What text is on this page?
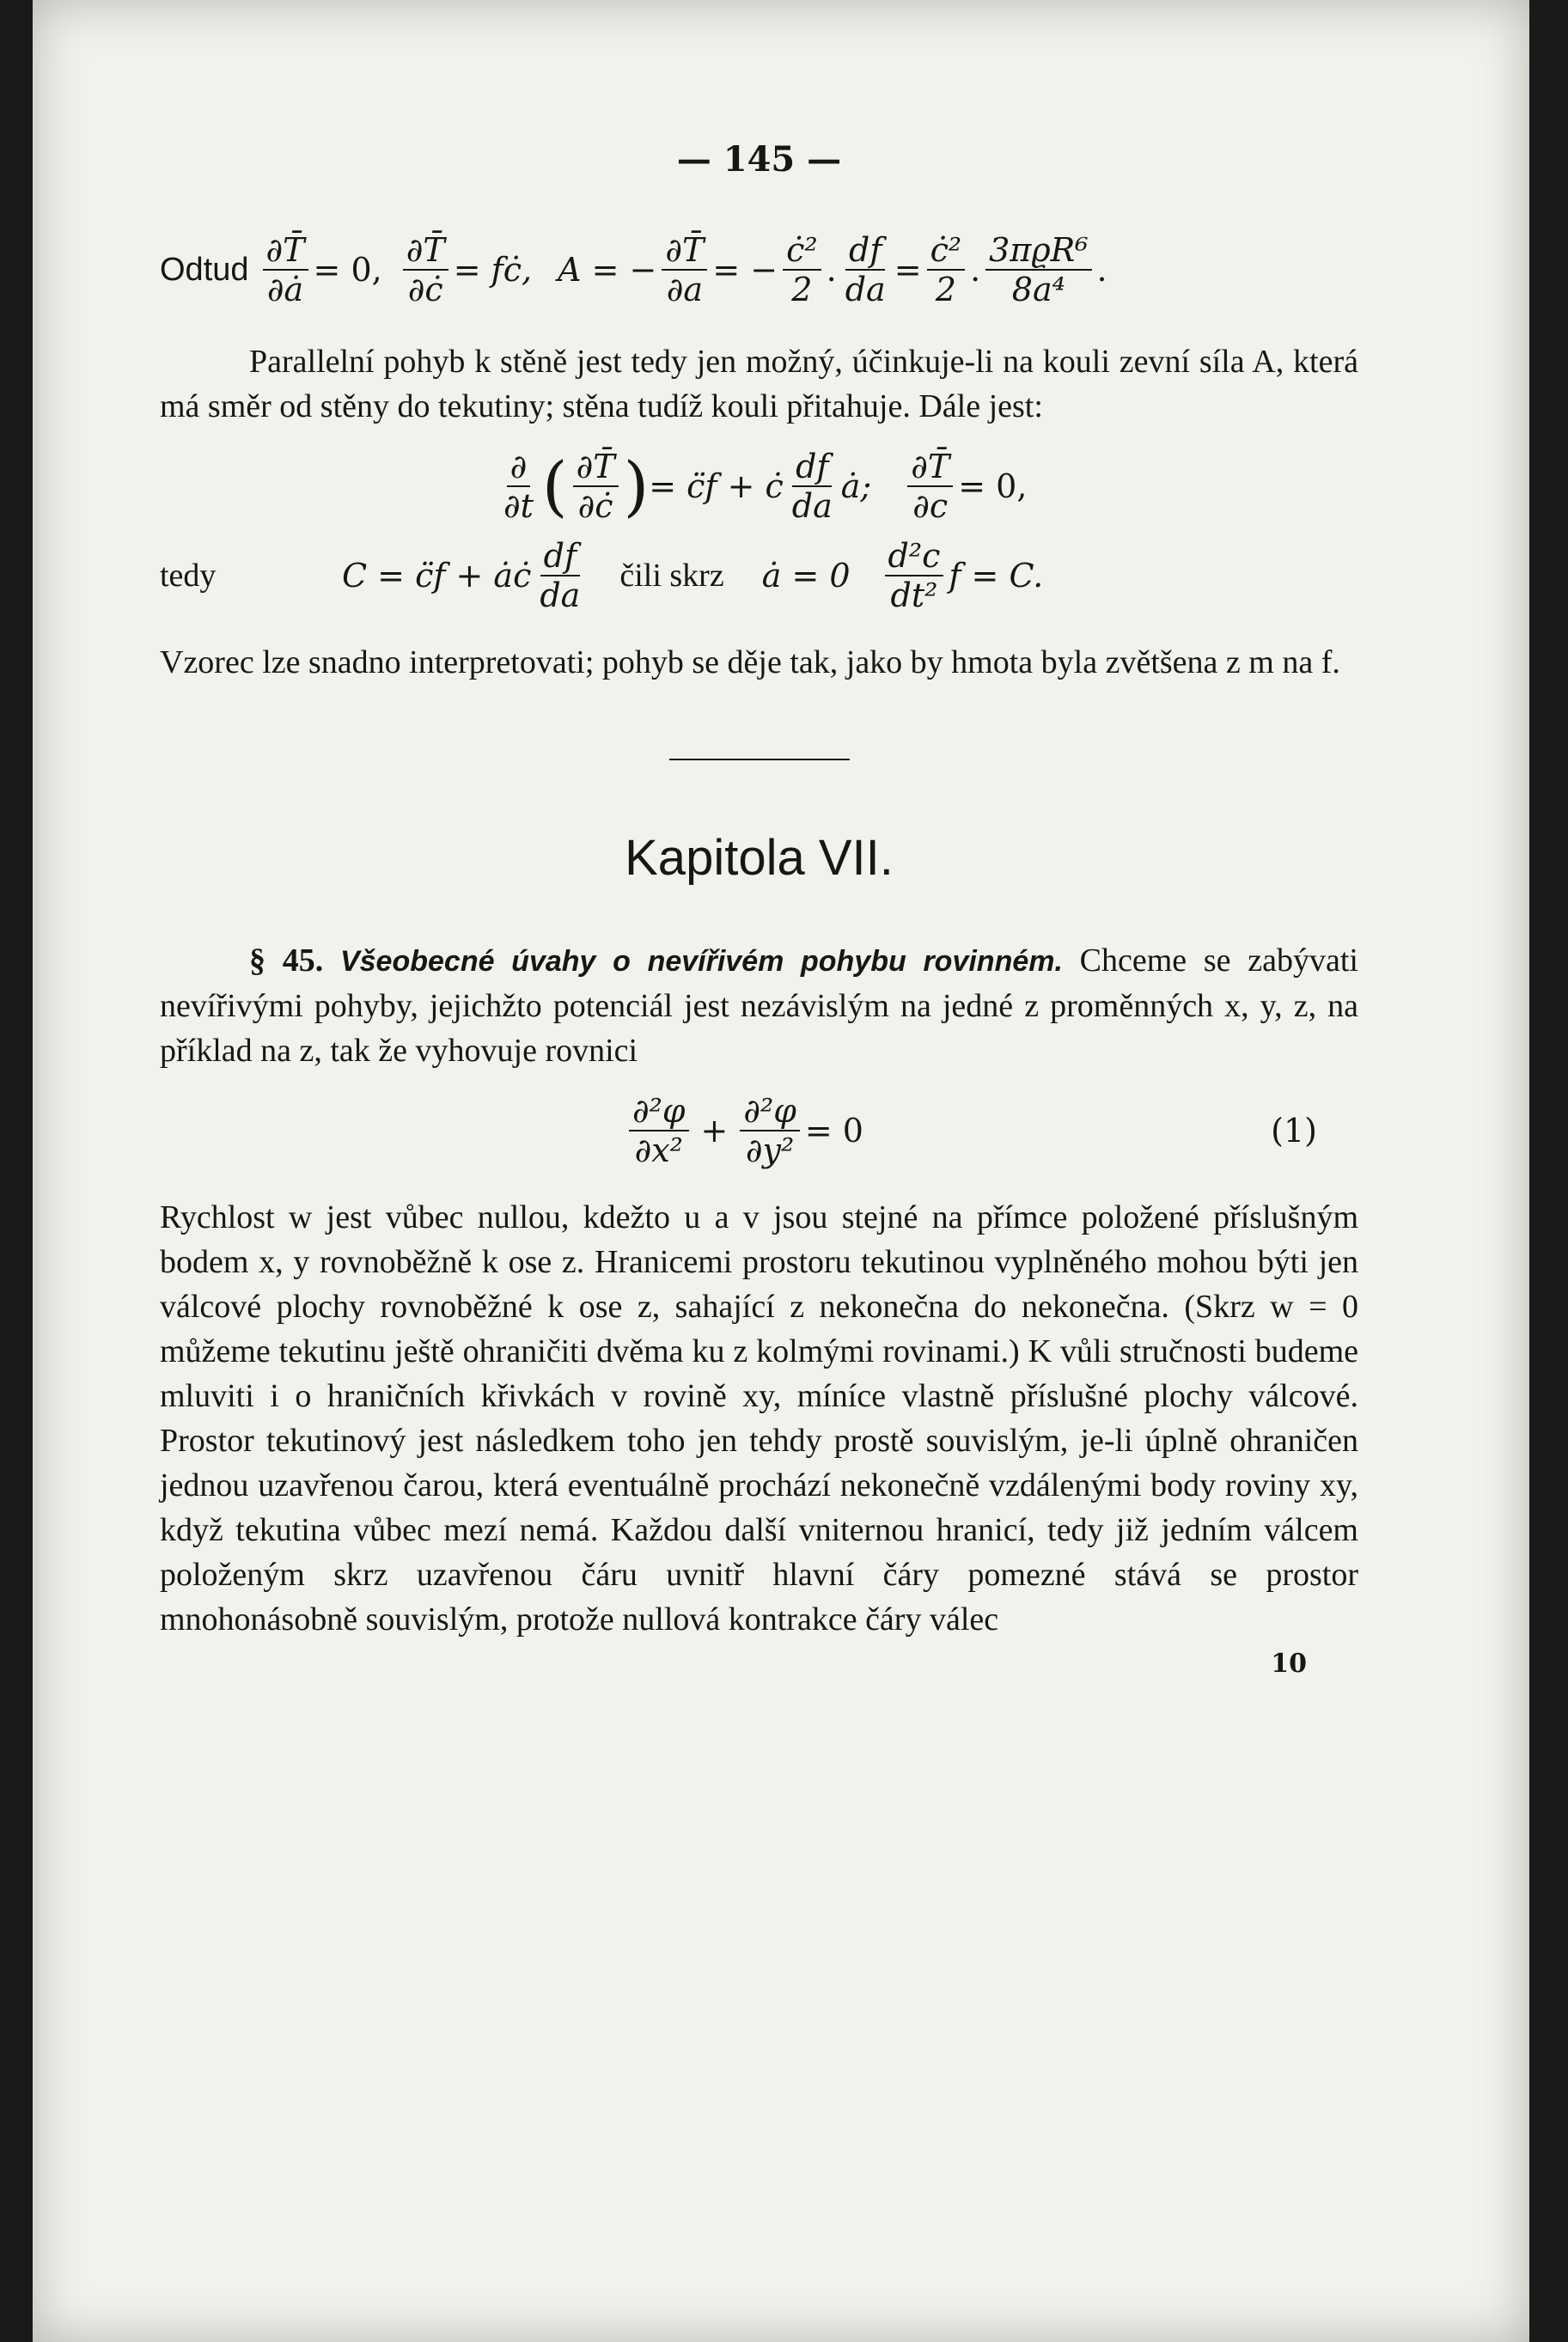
— 145 —
Odtud $\frac{\partial T̄}{\partial ȧ} = 0$, $\frac{\partial T̄}{\partial ċ}$ = fċ, A = − $\frac{\partial T̄}{\partial a}$ = − $\frac{\text{ċ²}}{2}$ . $\frac{df}{da} = \frac{\text{ċ²}}{2}$ . $\frac{\text{3πϱR⁶}}{\text{8a⁴}}$ .
Parallelní pohyb k stěně jest tedy jen možný, účinkuje-li na kouli zevní síla A, která má směr od stěny do tekutiny; stěna tudíž kouli přitahuje. Dále jest:
$\frac{\partial}{\partial t}$ ( $\frac{\partial T̄}{\partial ċ}$ ) = c̈f + ċ $\frac{df}{da}$ ȧ; $\frac{\partial T̄}{\partial c} = 0$,
tedy	C = c̈f + ȧċ $\frac{df}{da}$ čili skrz ȧ = $0 \frac{\text{d²c}}{\text{dt²}}$ f = C.
Vzorec lze snadno interpretovati; pohyb se děje tak, jako by hmota byla zvětšena z m na f.
Kapitola VII.
§ 45. Všeobecné úvahy o nevířivém pohybu rovinném. Chceme se zabývati nevířivými pohyby, jejichžto potenciál jest nezávislým na jedné z proměnných x, y, z, na příklad na z, tak že vyhovuje rovnici
$\frac{\text{∂²φ}}{\text{∂x²}} + \frac{\text{∂²φ}}{\text{∂y²}} = 0$	(1)
Rychlost w jest vůbec nullou, kdežto u a v jsou stejné na přímce položené příslušným bodem x, y rovnoběžně k ose z. Hranicemi prostoru tekutinou vyplněného mohou býti jen válcové plochy rovnoběžné k ose z, sahající z nekonečna do nekonečna. (Skrz w = 0 můžeme tekutinu ještě ohraničiti dvěma ku z kolmými rovinami.) K vůli stručnosti budeme mluviti i o hraničních křivkách v rovině xy, míníce vlastně příslušné plochy válcové. Prostor tekutinový jest následkem toho jen tehdy prostě souvislým, je-li úplně ohraničen jednou uzavřenou čarou, která eventuálně prochází nekonečně vzdálenými body roviny xy, když tekutina vůbec mezí nemá. Každou další vniternou hranicí, tedy již jedním válcem položeným skrz uzavřenou čáru uvnitř hlavní čáry pomezné stává se prostor mnohonásobně souvislým, protože nullová kontrakce čáry válec
10
